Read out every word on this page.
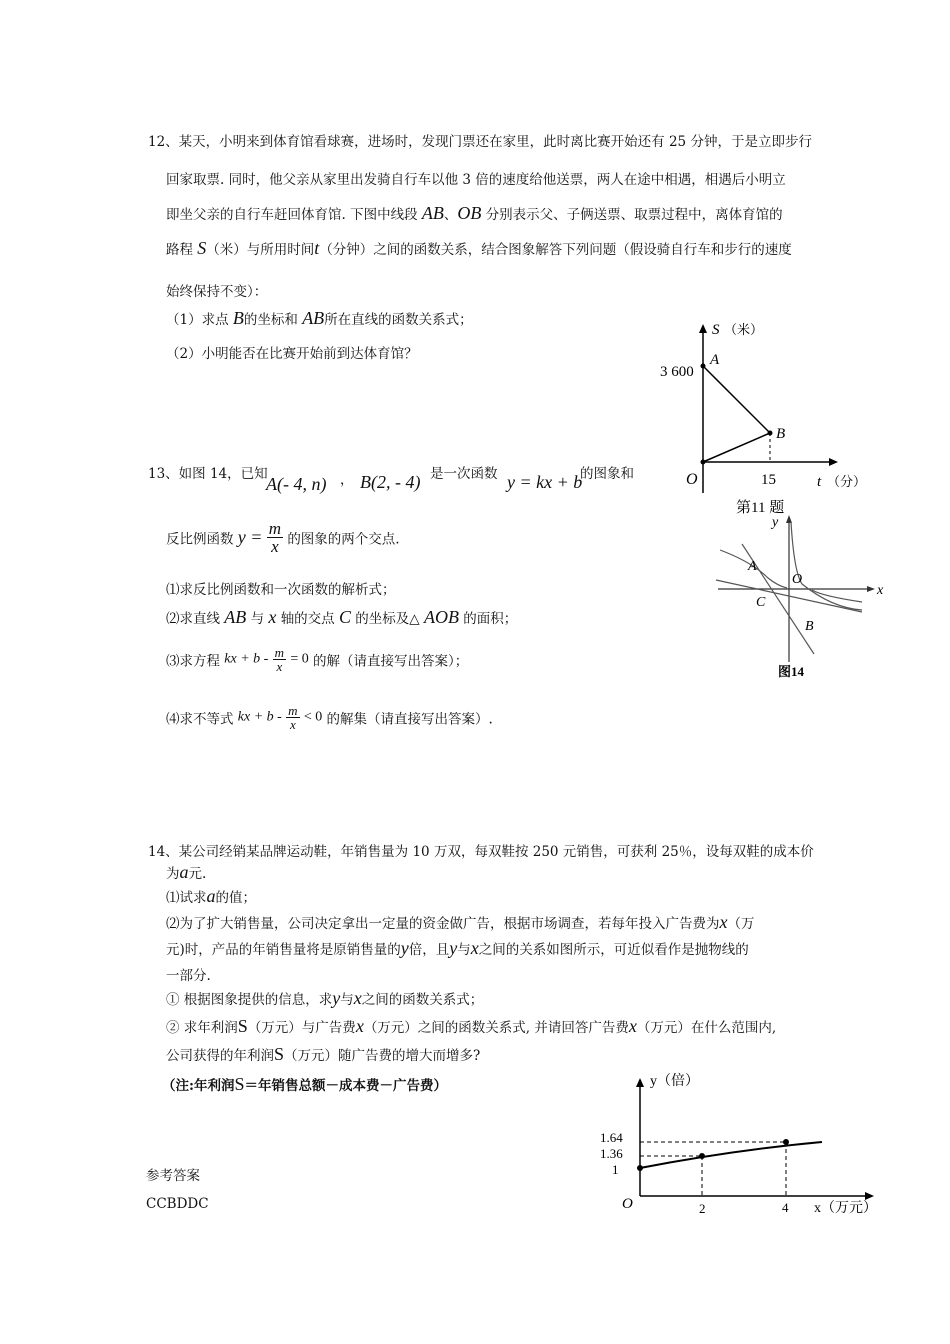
12、某天，小明来到体育馆看球赛，进场时，发现门票还在家里，此时离比赛开始还有 25 分钟，于是立即步行
回家取票. 同时，他父亲从家里出发骑自行车以他 3 倍的速度给他送票，两人在途中相遇，相遇后小明立
即坐父亲的自行车赶回体育馆. 下图中线段 AB、OB 分别表示父、子俩送票、取票过程中，离体育馆的
路程 S（米）与所用时间t（分钟）之间的函数关系，结合图象解答下列问题（假设骑自行车和步行的速度
始终保持不变）：
（1）求点 B的坐标和 AB所在直线的函数关系式；
（2）小明能否在比赛开始前到达体育馆？
S （米）
3 600
A
B
O	15	t （分）
第11 题
13、如图 14，已知
A(- 4, n) ， B(2, - 4) 是一次函数 y = kx + b
的图象和
反比例函数 $y = \frac{m}{x}$ 的图象的两个交点.
⑴求反比例函数和一次函数的解析式；
⑵求直线 AB 与 x 轴的交点 C 的坐标及△ AOB 的面积；
⑶求方程 kx + $b - \frac{m}{x} = 0$ 的解（请直接写出答案）；
⑷求不等式 kx + $b - \frac{m}{x} < 0$ 的解集（请直接写出答案）.
y
x
A
O
C
B
图14
14、某公司经销某品牌运动鞋，年销售量为 10 万双，每双鞋按 250 元销售，可获利 25％，设每双鞋的成本价
为a元.
⑴试求a的值；
⑵为了扩大销售量，公司决定拿出一定量的资金做广告，根据市场调查，若每年投入广告费为x（万
元)时，产品的年销售量将是原销售量的y倍，且y与x之间的关系如图所示，可近似看作是抛物线的
一部分.
① 根据图象提供的信息，求y与x之间的函数关系式；
② 求年利润S（万元）与广告费x（万元）之间的函数关系式, 并请回答广告费x（万元）在什么范围内,
公司获得的年利润S（万元）随广告费的增大而增多?
（注:年利润S＝年销售总额－成本费－广告费）	y（倍）
1.64
1.36
1
O	2	4 x（万元）
参考答案
CCBDDC
